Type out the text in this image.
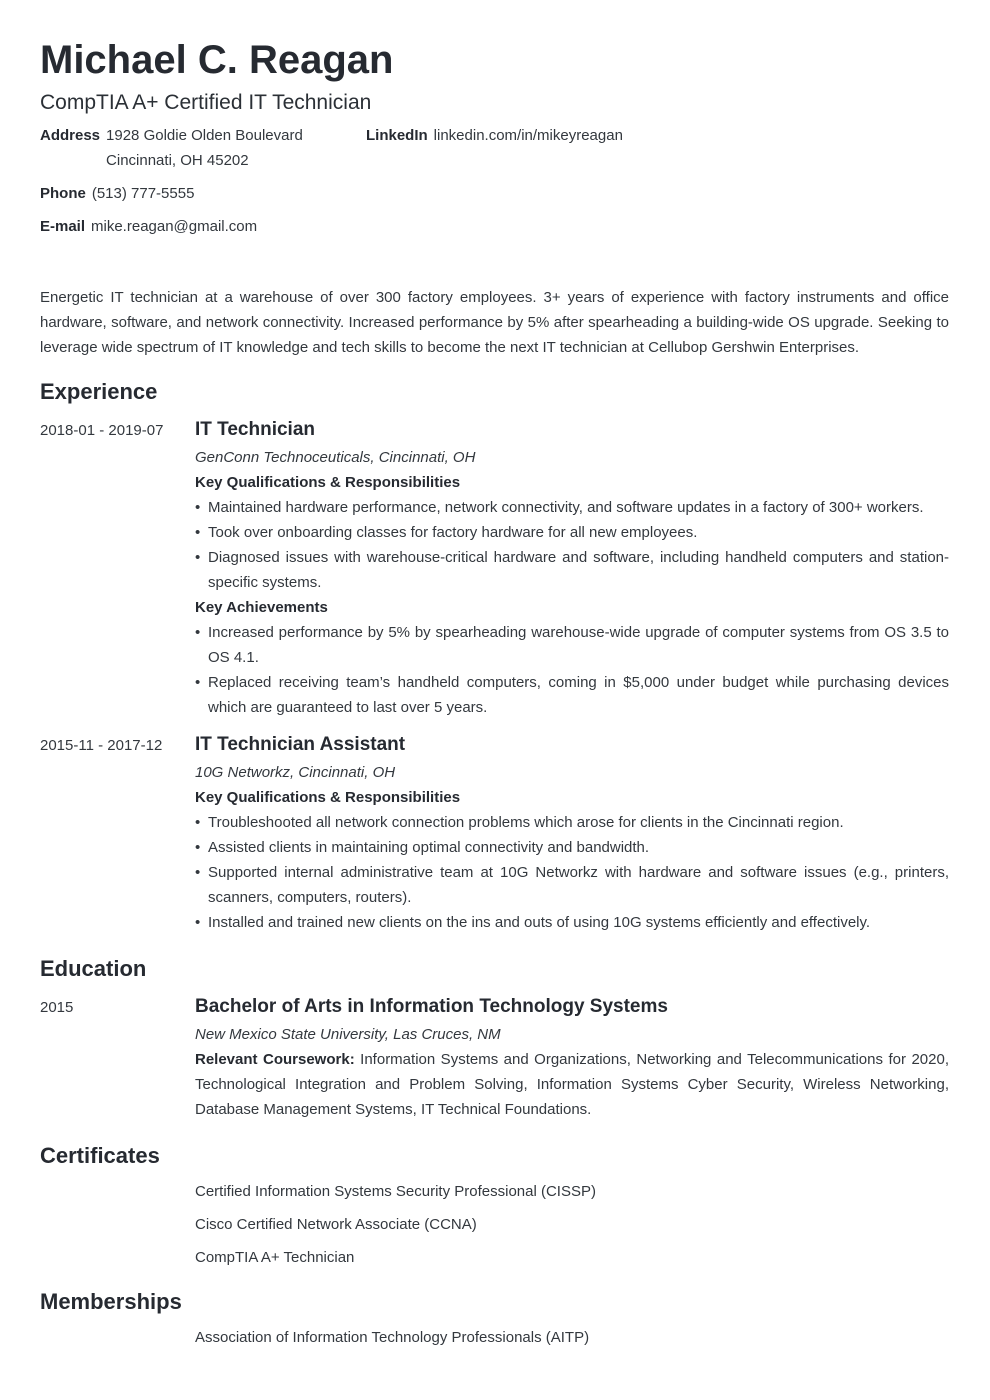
Michael C. Reagan
CompTIA A+ Certified IT Technician
Address 1928 Goldie Olden Boulevard
Cincinnati, OH 45202
LinkedIn linkedin.com/in/mikeyreagan
Phone (513) 777-5555
E-mail mike.reagan@gmail.com

Energetic IT technician at a warehouse of over 300 factory employees. 3+ years of experience with factory instruments and office hardware, software, and network connectivity. Increased performance by 5% after spearheading a building-wide OS upgrade. Seeking to leverage wide spectrum of IT knowledge and tech skills to become the next IT technician at Cellubop Gershwin Enterprises.

Experience
2018-01 - 2019-07 IT Technician
GenConn Technoceuticals, Cincinnati, OH
Key Qualifications & Responsibilities
• Maintained hardware performance, network connectivity, and software updates in a factory of 300+ workers.
• Took over onboarding classes for factory hardware for all new employees.
• Diagnosed issues with warehouse-critical hardware and software, including handheld computers and station-specific systems.
Key Achievements
• Increased performance by 5% by spearheading warehouse-wide upgrade of computer systems from OS 3.5 to OS 4.1.
• Replaced receiving team’s handheld computers, coming in $5,000 under budget while purchasing devices which are guaranteed to last over 5 years.
2015-11 - 2017-12 IT Technician Assistant
10G Networkz, Cincinnati, OH
Key Qualifications & Responsibilities
• Troubleshooted all network connection problems which arose for clients in the Cincinnati region.
• Assisted clients in maintaining optimal connectivity and bandwidth.
• Supported internal administrative team at 10G Networkz with hardware and software issues (e.g., printers, scanners, computers, routers).
• Installed and trained new clients on the ins and outs of using 10G systems efficiently and effectively.
Education
2015	Bachelor of Arts in Information Technology Systems
New Mexico State University, Las Cruces, NM
Relevant Coursework: Information Systems and Organizations, Networking and Telecommunications for 2020, Technological Integration and Problem Solving, Information Systems Cyber Security, Wireless Networking, Database Management Systems, IT Technical Foundations.
Certificates
Certified Information Systems Security Professional (CISSP)
Cisco Certified Network Associate (CCNA)
CompTIA A+ Technician
Memberships
Association of Information Technology Professionals (AITP)
